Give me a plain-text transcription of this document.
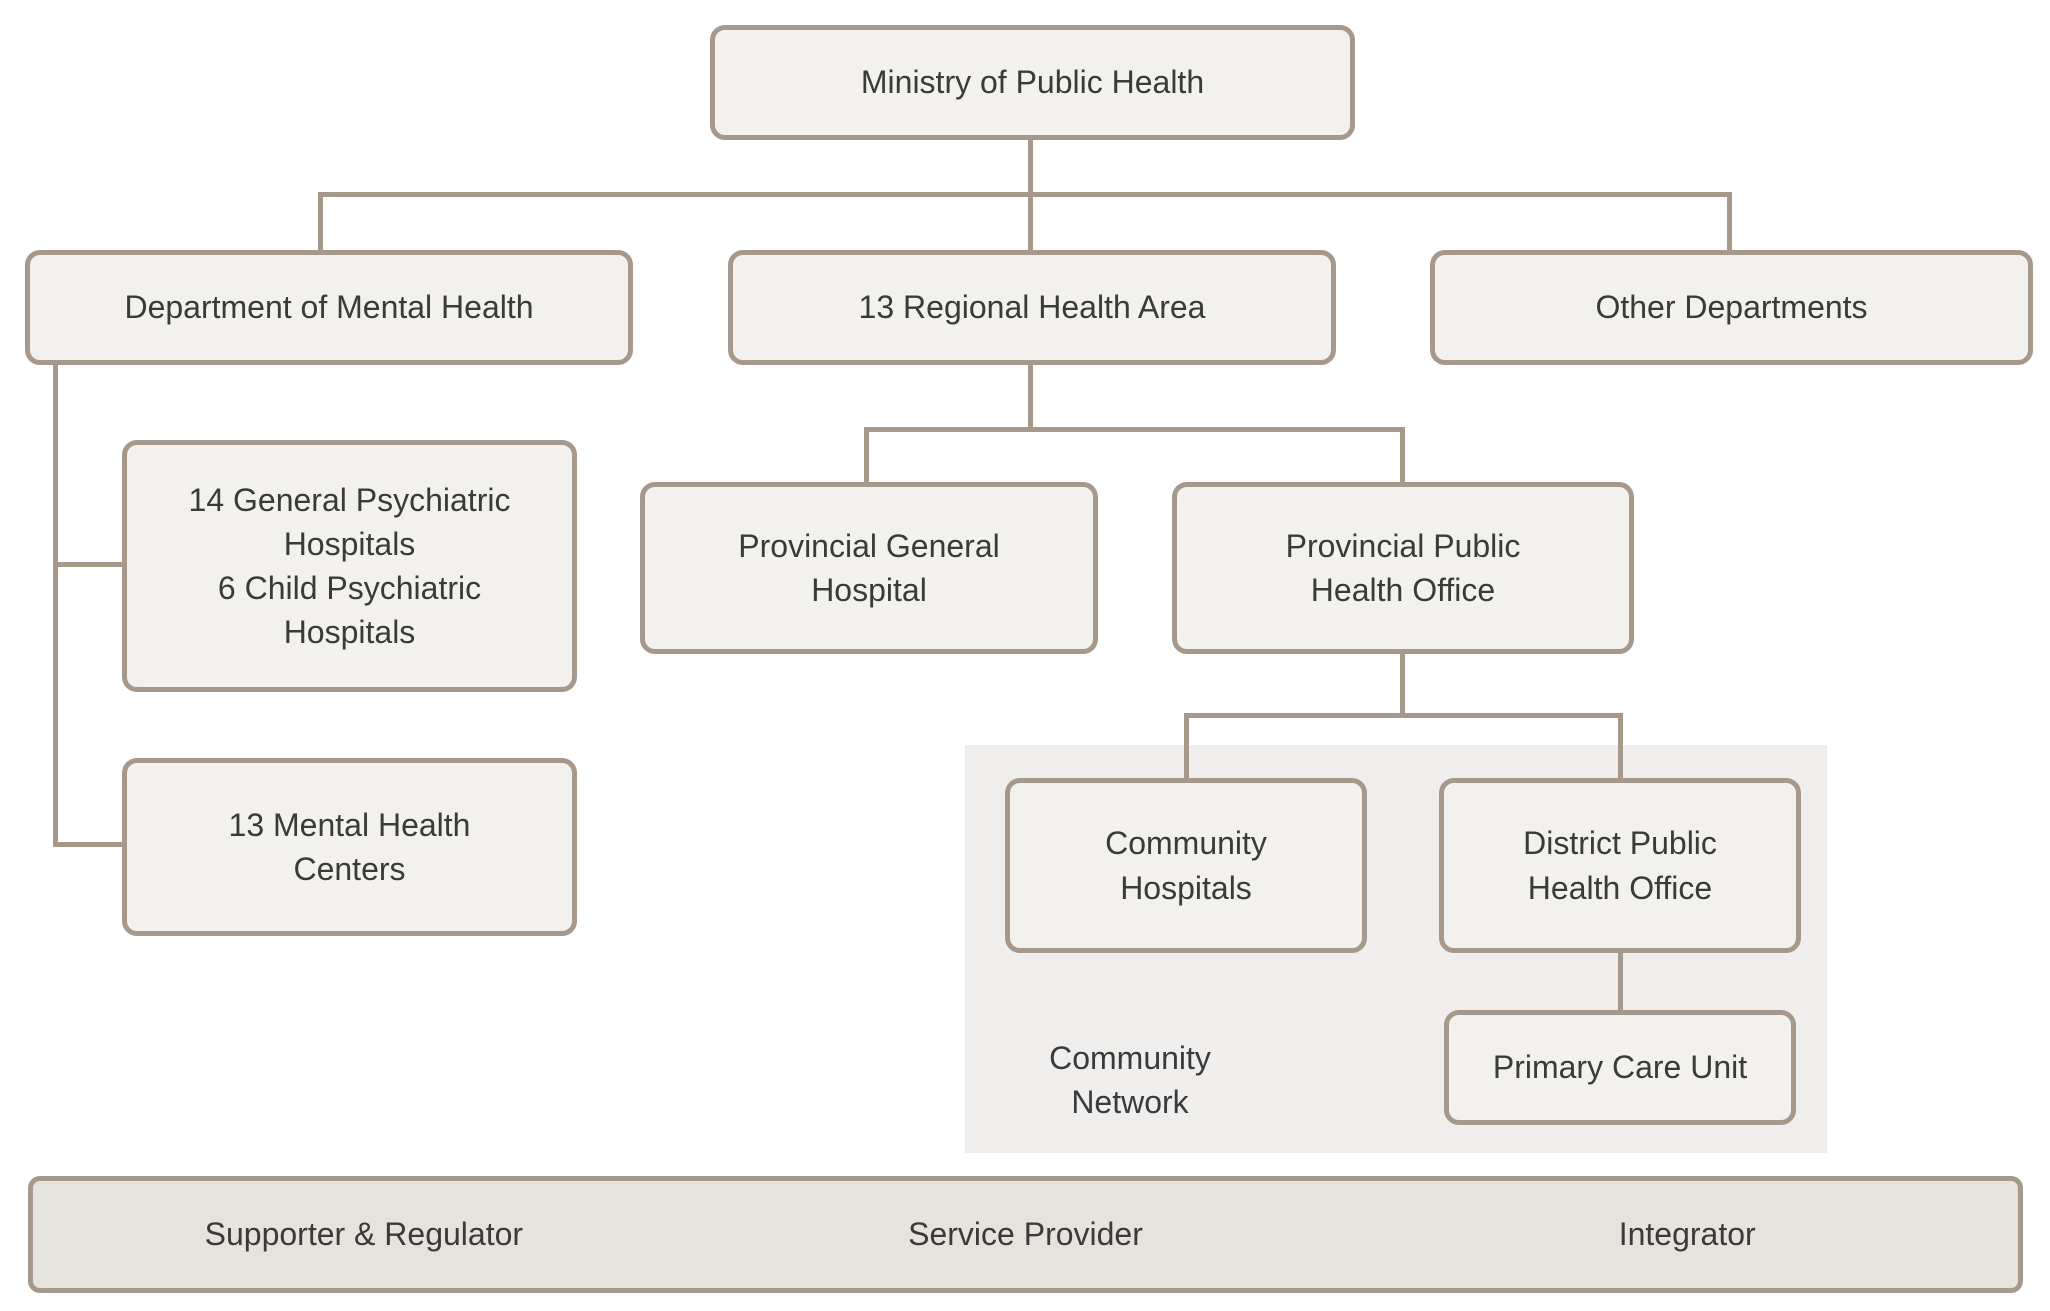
Ministry of Public Health
Department of Mental Health	13 Regional Health Area	Other Departments
14 General Psychiatric
Hospitals
6 Child Psychiatric
Hospitals
13 Mental Health
Centers
Provincial General
Hospital
Provincial Public
Health Office
Community
Hospitals
District Public
Health Office
Primary Care Unit
Community
Network
Supporter & Regulator	Service Provider	Integrator
